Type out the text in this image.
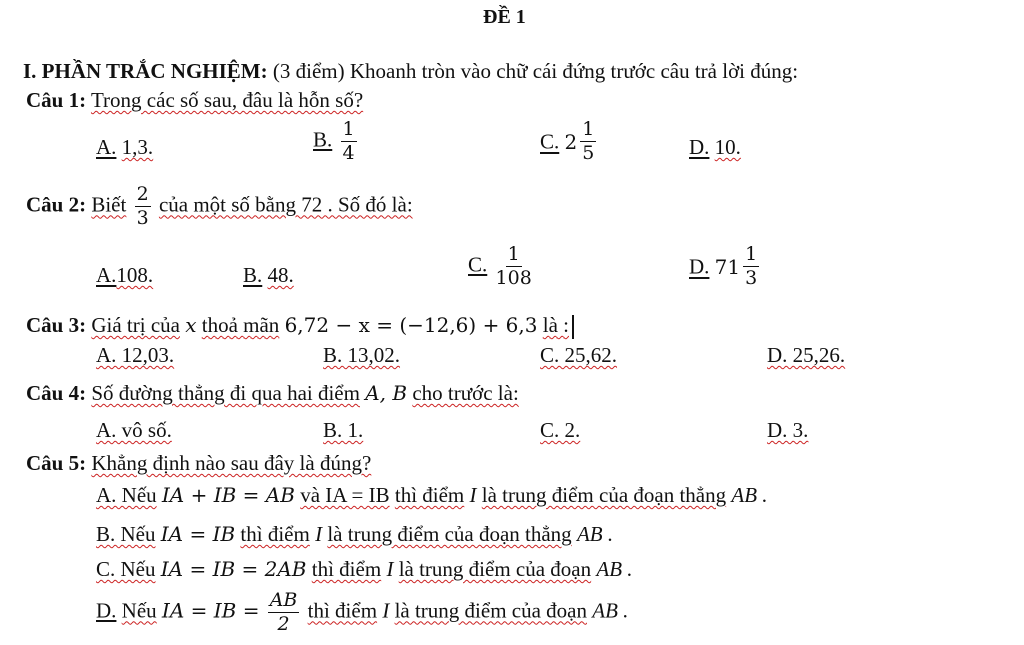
ĐỀ 1
I. PHẦN TRẮC NGHIỆM: (3 điểm) Khoanh tròn vào chữ cái đứng trước câu trả lời đúng:
Câu 1: Trong các số sau, đâu là hỗn số?
A. 1,3.	B. $\frac{1}{4}$	C. $2 \frac{1}{5}$	D. 10.
Câu 2: Biết $\frac{2}{3}$ của một số bằng 72 . Số đó là:
A.108.	B. 48.	C. $\frac{1}{108}$	D. $71 \frac{1}{3}$
Câu 3: Giá trị của x thoả mãn 6,72 − x = (−12,6) + 6,3 là :
A. 12,03.	B. 13,02.	C. 25,62.	D. 25,26.
Câu 4: Số đường thẳng đi qua hai điểm A, B cho trước là:
A. vô số.	B. 1.	C. 2.	D. 3.
Câu 5: Khẳng định nào sau đây là đúng?
A. Nếu IA + IB = AB và IA = IB thì điểm I là trung điểm của đoạn thẳng AB .
B. Nếu IA = IB thì điểm I là trung điểm của đoạn thẳng AB .
C. Nếu IA = IB = 2AB thì điểm I là trung điểm của đoạn AB .
D. Nếu IA = IB = $\frac{AB}{2}$ thì điểm I là trung điểm của đoạn AB .
